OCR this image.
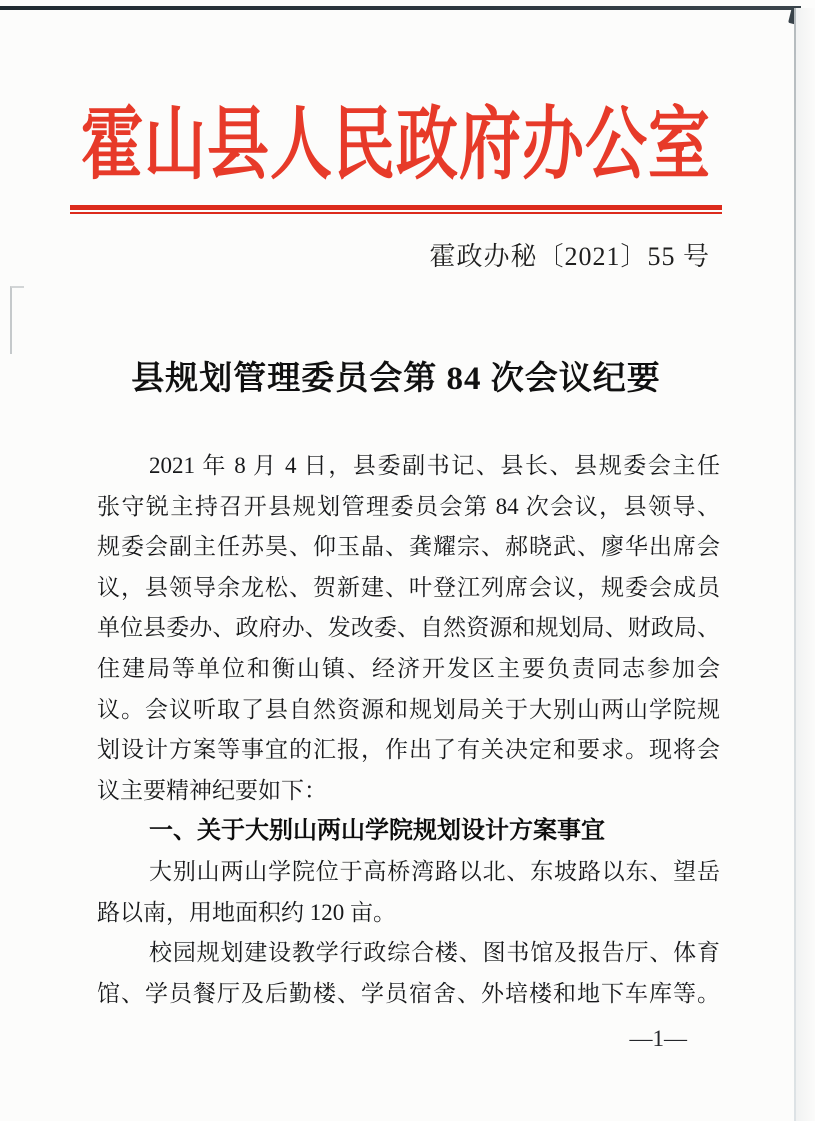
霍山县人民政府办公室
霍政办秘〔2021〕55 号
县规划管理委员会第 84 次会议纪要
2021 年 8 月 4 日，县委副书记、县长、县规委会主任
张守锐主持召开县规划管理委员会第 84 次会议，县领导、
规委会副主任苏昊、仰玉晶、龚耀宗、郝晓武、廖华出席会
议，县领导余龙松、贺新建、叶登江列席会议，规委会成员
单位县委办、政府办、发改委、自然资源和规划局、财政局、
住建局等单位和衡山镇、经济开发区主要负责同志参加会
议。会议听取了县自然资源和规划局关于大别山两山学院规
划设计方案等事宜的汇报，作出了有关决定和要求。现将会
议主要精神纪要如下：
一、关于大别山两山学院规划设计方案事宜
大别山两山学院位于高桥湾路以北、东坡路以东、望岳
路以南，用地面积约 120 亩。
校园规划建设教学行政综合楼、图书馆及报告厅、体育
馆、学员餐厅及后勤楼、学员宿舍、外培楼和地下车库等。
—1—
